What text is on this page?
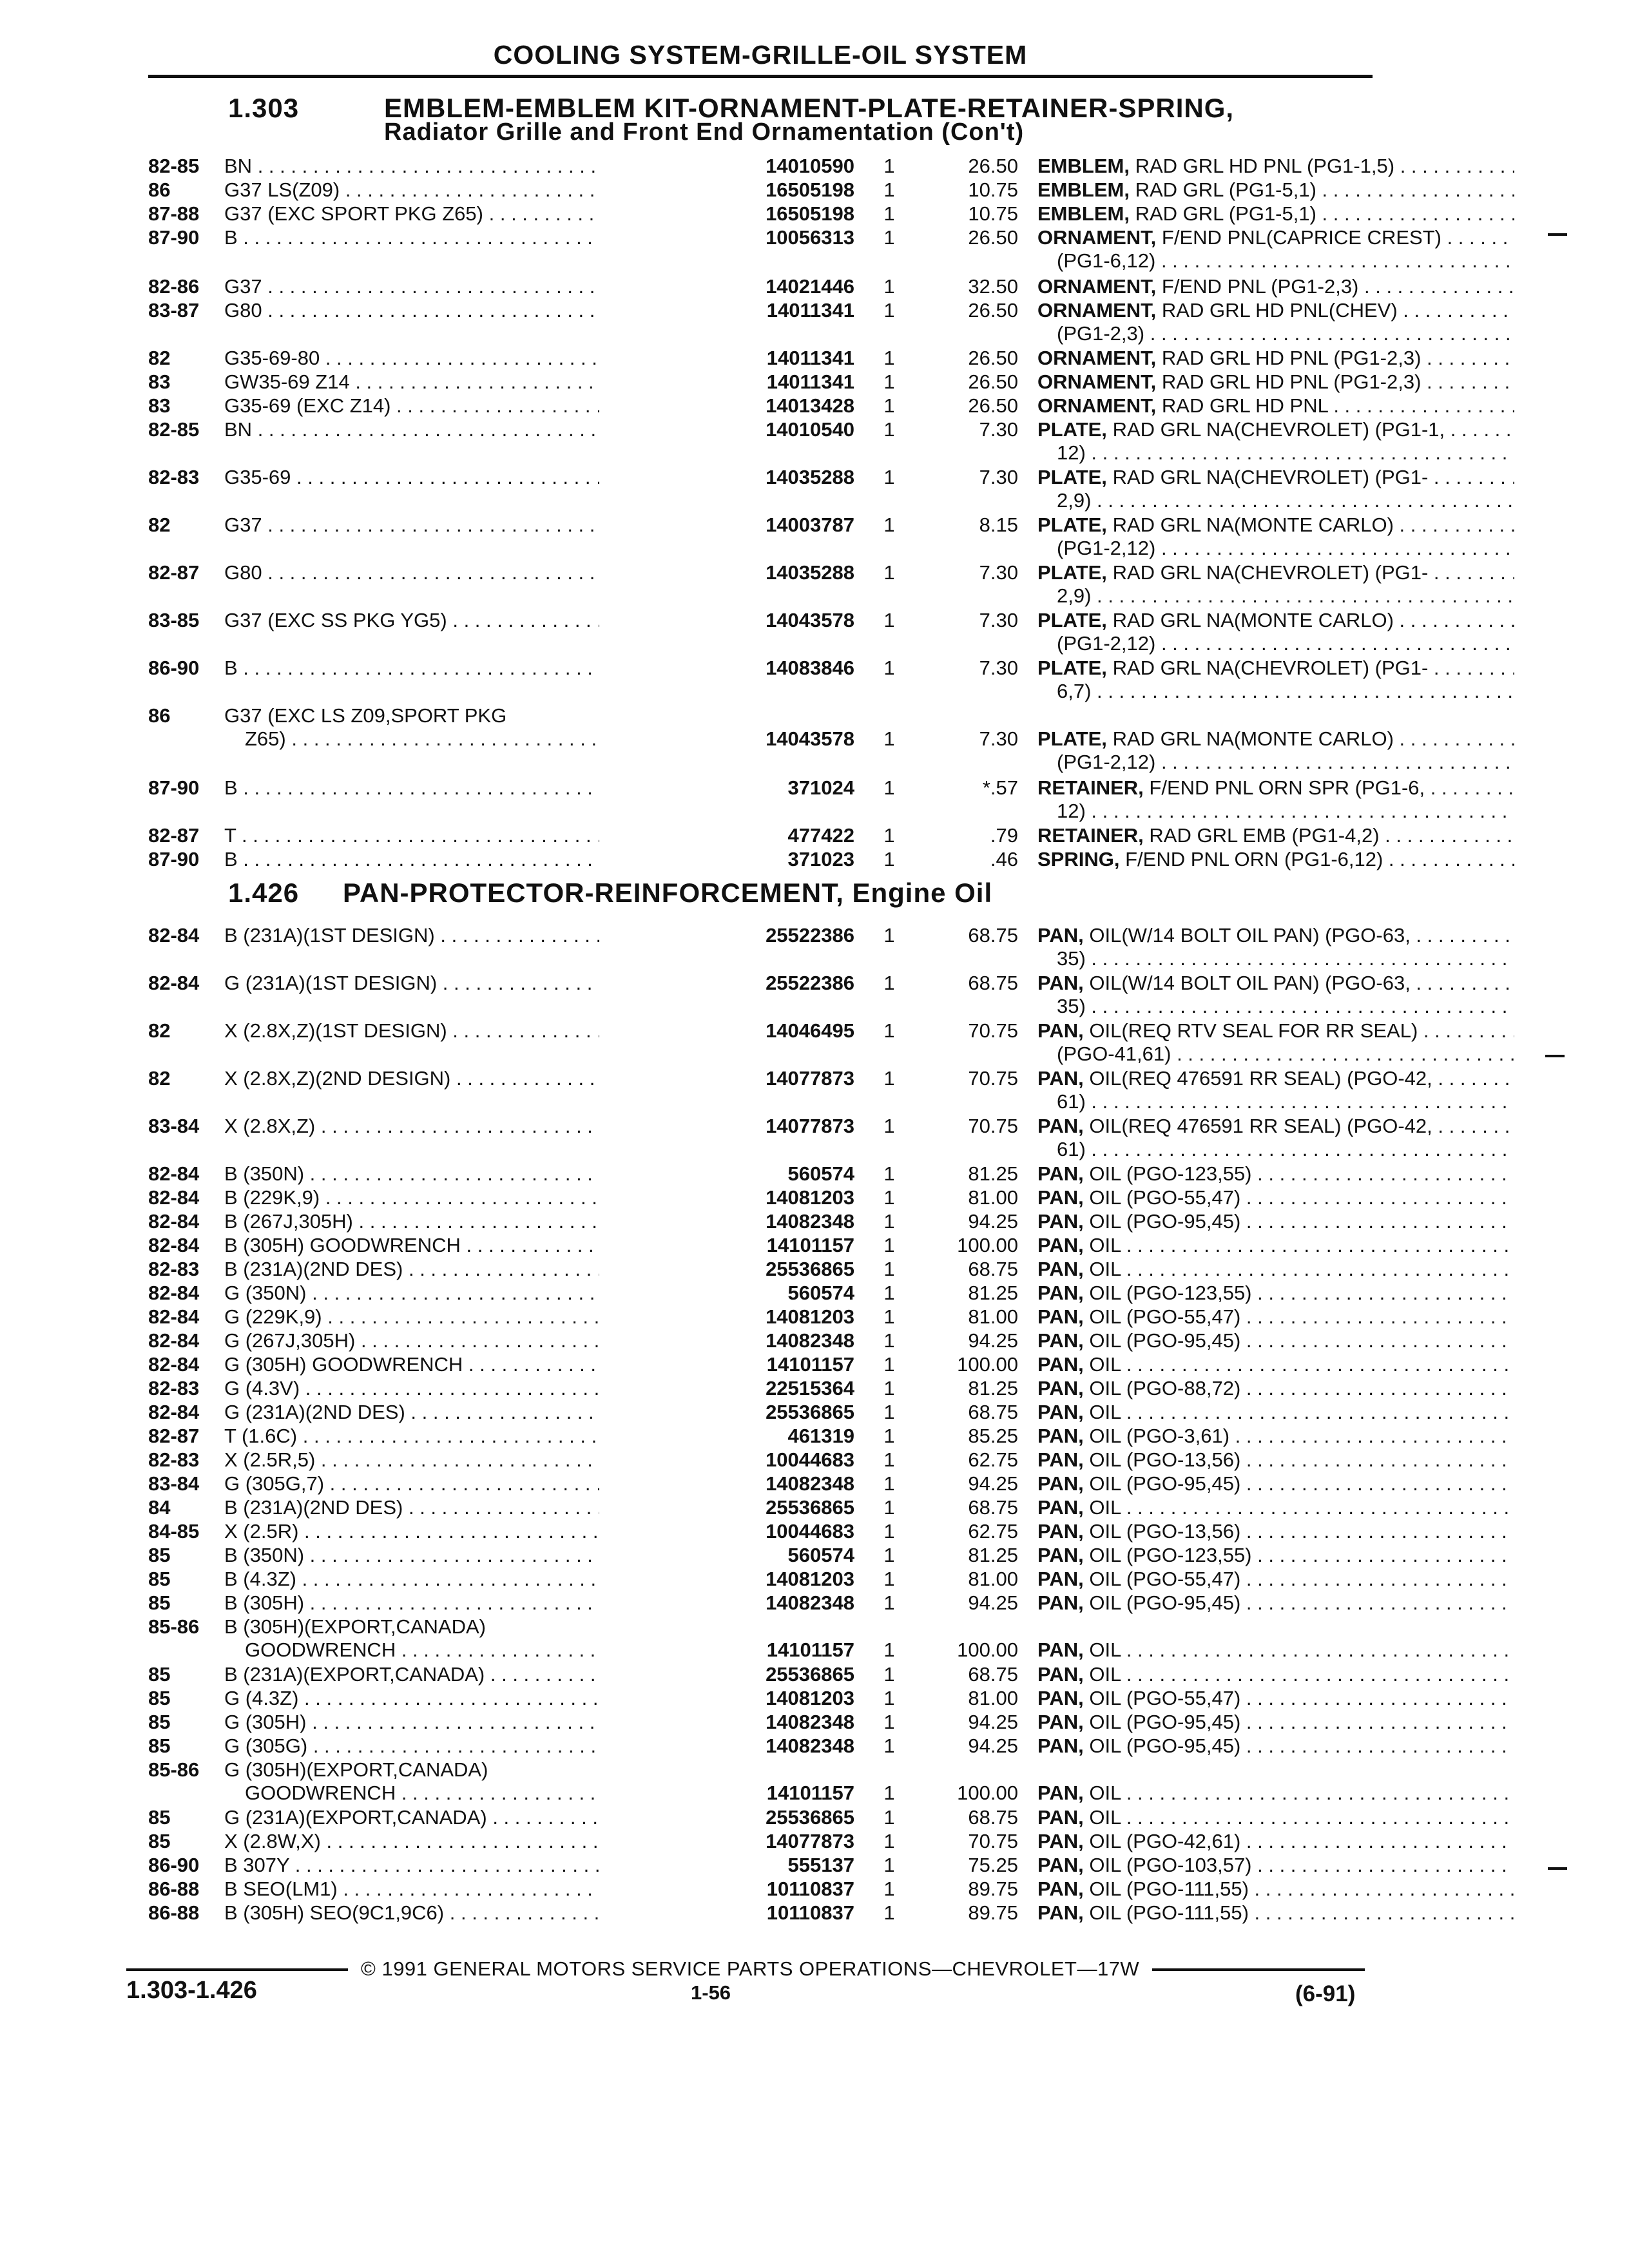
COOLING SYSTEM-GRILLE-OIL SYSTEM
1.303	EMBLEM-EMBLEM KIT-ORNAMENT-PLATE-RETAINER-SPRING,
Radiator Grille and Front End Ornamentation (Con't)
82-85 BN . . .	14010590 1	26.50 EMBLEM, RAD GRL HD PNL (PG1-1,5) . . .
86	G37 LS(Z09) . . .	16505198 1	10.75 EMBLEM, RAD GRL (PG1-5,1) . . .
87-88 G37 (EXC SPORT PKG Z65) . . .	16505198 1	10.75 EMBLEM, RAD GRL (PG1-5,1) . . .
87-90 B . . .	10056313 1	26.50 ORNAMENT, F/END PNL(CAPRICE CREST) . . .
(PG1-6,12) . . .
82-86 G37 . . .	14021446 1	32.50 ORNAMENT, F/END PNL (PG1-2,3) . . .
83-87 G80 . . .	14011341 1	26.50 ORNAMENT, RAD GRL HD PNL(CHEV) . . .
(PG1-2,3) . . .
82	G35-69-80 . . .	14011341 1	26.50 ORNAMENT, RAD GRL HD PNL (PG1-2,3) . . .
83	GW35-69 Z14 . . .	14011341 1	26.50 ORNAMENT, RAD GRL HD PNL (PG1-2,3) . . .
83	G35-69 (EXC Z14) . . .	14013428 1	26.50 ORNAMENT, RAD GRL HD PNL . . .
82-85 BN . . .	14010540 1	7.30 PLATE, RAD GRL NA(CHEVROLET) (PG1-1, . . .
12) . . .
82-83 G35-69 . . .	14035288 1	7.30 PLATE, RAD GRL NA(CHEVROLET) (PG1- . . .
2,9) . . .
82	G37 . . .	14003787 1	8.15 PLATE, RAD GRL NA(MONTE CARLO) . . .
(PG1-2,12) . . .
82-87 G80 . . .	14035288 1	7.30 PLATE, RAD GRL NA(CHEVROLET) (PG1- . . .
2,9) . . .
83-85 G37 (EXC SS PKG YG5) . . .	14043578 1	7.30 PLATE, RAD GRL NA(MONTE CARLO) . . .
(PG1-2,12) . . .
86-90 B . . .	14083846 1	7.30 PLATE, RAD GRL NA(CHEVROLET) (PG1- . . .
6,7) . . .
86	G37 (EXC LS Z09,SPORT PKG
Z65) . . .	14043578 1	7.30 PLATE, RAD GRL NA(MONTE CARLO) . . .
(PG1-2,12) . . .
87-90 B . . .	371024 1	*.57 RETAINER, F/END PNL ORN SPR (PG1-6, . . .
12) . . .
82-87 T . . .	477422 1	.79 RETAINER, RAD GRL EMB (PG1-4,2) . . .
87-90 B . . .	371023 1	.46 SPRING, F/END PNL ORN (PG1-6,12) . . .
1.426 PAN-PROTECTOR-REINFORCEMENT, Engine Oil
82-84 B (231A)(1ST DESIGN) . . .	25522386 1	68.75 PAN, OIL(W/14 BOLT OIL PAN) (PGO-63, . . .
35) . . .
82-84 G (231A)(1ST DESIGN) . . .	25522386 1	68.75 PAN, OIL(W/14 BOLT OIL PAN) (PGO-63, . . .
35) . . .
82	X (2.8X,Z)(1ST DESIGN) . . .	14046495 1	70.75 PAN, OIL(REQ RTV SEAL FOR RR SEAL) . . .
(PGO-41,61) . . .
82	X (2.8X,Z)(2ND DESIGN) . . .	14077873 1	70.75 PAN, OIL(REQ 476591 RR SEAL) (PGO-42, . . .
61) . . .
83-84 X (2.8X,Z) . . .	14077873 1	70.75 PAN, OIL(REQ 476591 RR SEAL) (PGO-42, . . .
61) . . .
82-84 B (350N) . . .	560574 1	81.25 PAN, OIL (PGO-123,55) . . .
82-84 B (229K,9) . . .	14081203 1	81.00 PAN, OIL (PGO-55,47) . . .
82-84 B (267J,305H) . . .	14082348 1	94.25 PAN, OIL (PGO-95,45) . . .
82-84 B (305H) GOODWRENCH . . .	14101157 1	100.00 PAN, OIL . . .
82-83 B (231A)(2ND DES) . . .	25536865 1	68.75 PAN, OIL . . .
82-84 G (350N) . . .	560574 1	81.25 PAN, OIL (PGO-123,55) . . .
82-84 G (229K,9) . . .	14081203 1	81.00 PAN, OIL (PGO-55,47) . . .
82-84 G (267J,305H) . . .	14082348 1	94.25 PAN, OIL (PGO-95,45) . . .
82-84 G (305H) GOODWRENCH . . .	14101157 1	100.00 PAN, OIL . . .
82-83 G (4.3V) . . .	22515364 1	81.25 PAN, OIL (PGO-88,72) . . .
82-84 G (231A)(2ND DES) . . .	25536865 1	68.75 PAN, OIL . . .
82-87 T (1.6C) . . .	461319 1	85.25 PAN, OIL (PGO-3,61) . . .
82-83 X (2.5R,5) . . .	10044683 1	62.75 PAN, OIL (PGO-13,56) . . .
83-84 G (305G,7) . . .	14082348 1	94.25 PAN, OIL (PGO-95,45) . . .
84	B (231A)(2ND DES) . . .	25536865 1	68.75 PAN, OIL . . .
84-85 X (2.5R) . . .	10044683 1	62.75 PAN, OIL (PGO-13,56) . . .
85	B (350N) . . .	560574 1	81.25 PAN, OIL (PGO-123,55) . . .
85	B (4.3Z) . . .	14081203 1	81.00 PAN, OIL (PGO-55,47) . . .
85	B (305H) . . .	14082348 1	94.25 PAN, OIL (PGO-95,45) . . .
85-86 B (305H)(EXPORT,CANADA)
GOODWRENCH . . .	14101157 1	100.00 PAN, OIL . . .
85	B (231A)(EXPORT,CANADA) . . .	25536865 1	68.75 PAN, OIL . . .
85	G (4.3Z) . . .	14081203 1	81.00 PAN, OIL (PGO-55,47) . . .
85	G (305H) . . .	14082348 1	94.25 PAN, OIL (PGO-95,45) . . .
85	G (305G) . . .	14082348 1	94.25 PAN, OIL (PGO-95,45) . . .
85-86 G (305H)(EXPORT,CANADA)
GOODWRENCH . . .	14101157 1	100.00 PAN, OIL . . .
85	G (231A)(EXPORT,CANADA) . . .	25536865 1	68.75 PAN, OIL . . .
85	X (2.8W,X) . . .	14077873 1	70.75 PAN, OIL (PGO-42,61) . . .
86-90 B 307Y . . .	555137 1	75.25 PAN, OIL (PGO-103,57) . . .
86-88 B SEO(LM1) . . .	10110837 1	89.75 PAN, OIL (PGO-111,55) . . .
86-88 B (305H) SEO(9C1,9C6) . . .	10110837 1	89.75 PAN, OIL (PGO-111,55) . . .
© 1991 GENERAL MOTORS SERVICE PARTS OPERATIONS—CHEVROLET—17W
1.303-1.426	1-56	(6-91)
